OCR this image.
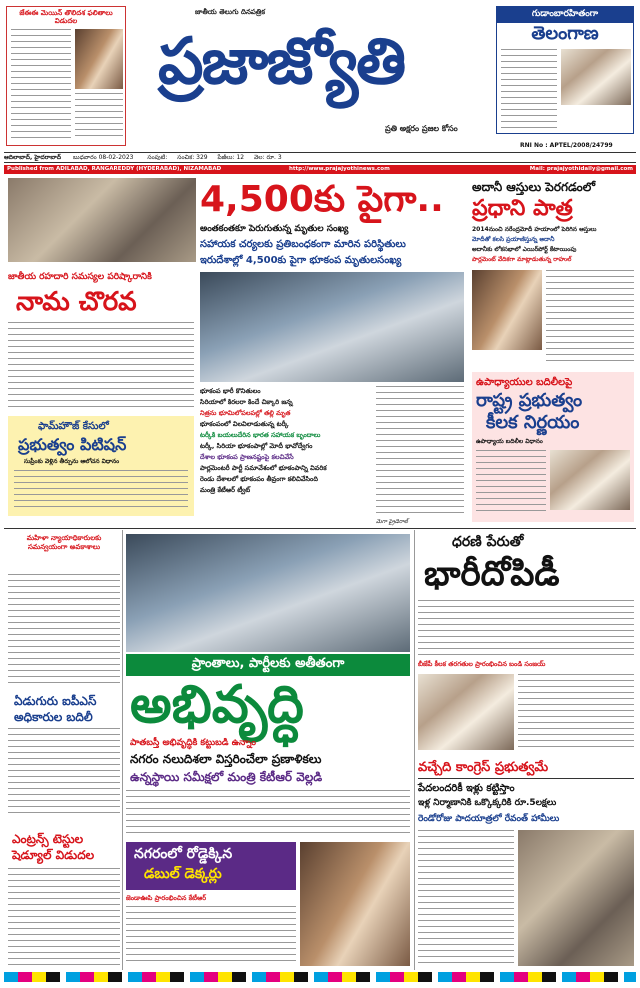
జేఈఈ మెయిన్ తొలిదశ ఫలితాలు విడుదల
జాతీయ తెలుగు దినపత్రిక
ప్రజాజ్యోతి
ప్రతి అక్షరం ప్రజల కోసం
గుడాంబారహితంగా
తెలంగాణ
RNI No : APTEL/2008/24799
ఆదిలాబాద్, హైదరాబాద్ బుధవారం 08-02-2023 సంపుటి: సంచిక: 329 పేజీలు: 12 వెల: రూ. 3
Published from ADILABAD, RANGAREDDY (HYDERABAD), NIZAMABAD	http://www.prajajyothinews.com	Mail: prajajyothidaily@gmail.com
4,500కు పైగా..
అంతకంతకూ పెరుగుతున్న మృతుల సంఖ్య
సహాయక చర్యలకు ప్రతిబంధకంగా మారిన పరిస్థితులు
ఇరుదేశాల్లో 4,500కు పైగా భూకంప మృతులసంఖ్య
భూకంప భారీ కొనితులం
సిరియాలో కిరలరా కిందే చిక్కారి జన్న
నిత్రను భూమిలోపలపల్లో తల్లి మృత
భూకంపంలో విలవిలాడుతున్న టర్కీ
టర్కీకి బయలుదేరిన భారత సహాయక బృందాలు
టర్కీ, సిరియా భూకంపాల్లో మోదీ భావోద్వేగం
దేశాల భూకంప ప్రాణనష్టంపై కలచివేసే
పార్లమెంటరీ పార్టీ సమావేశంలో భూకంపాన్ని వివరిక
రెండు దేశాలలో భూకంపం తీవ్రంగా కలిచివేసింది
మంత్రి కేటీఆర్ ట్వీట్
మెగా ప్రైడెరాల్
అదానీ ఆస్తులు పెరగడంలో
ప్రధాని పాత్ర
2014నుంచి నరేంద్రమోదీ హయాంలో పెరిగిన ఆస్తులు
మోదీతో కలసి ప్రయాణిస్తున్న అదానీ
అదానీకు లోకసభాలో ఎయిర్‌పోర్ట్ కేటాయింపు
పార్లమెంట్ వేదికగా మాట్లాడుతున్న రాహుల్
జాతీయ రహదారి సమస్యల పరిష్కారానికి
నామ చొరవ
ఫామ్‌హౌజ్ కేసులో
ప్రభుత్వం పిటిషన్
సుప్రీంకు వెళ్లిన తీర్పును ఆలోచన విధానం
ఉపాధ్యాయుల బదిలీలపై
రాష్ట్ర ప్రభుత్వం
కీలక నిర్ణయం
ఉపాధ్యాయ బదిలీల విధానం
మహిళా న్యాయాధికారులకు సమన్వయంగా అవకాశాలు
ఏడుగురు ఐపీఎస్
అధికారుల బదిలీ
ఎంట్రన్స్ టెస్టుల
షెడ్యూల్ విడుదల
ప్రాంతాలు, పార్టీలకు అతీతంగా
అభివృద్ధి
పాతబస్తీ అభివృద్ధికి కట్టుబడి ఉన్నాం
నగరం నలుదిశలా విస్తరించేలా ప్రణాళికలు
ఉన్నస్థాయి సమీక్షలో మంత్రి కేటీఆర్ వెల్లడి
నగరంలో రోడ్డెక్కిన
డబుల్ డెక్కర్లు
జెండాఊపి ప్రారంభించిన కేటీఆర్
ధరణి పేరుతో
భారీదోపిడీ
బీజేపీ కీలక తరగతుల ప్రారంభించిన బండి సంజయ్
వచ్చేది కాంగ్రెస్ ప్రభుత్వమే
పేదలందరికీ ఇళ్లు కట్టిస్తాం
ఇళ్ల నిర్మాణానికి ఒక్కొక్కరికి రూ.5లక్షలు
రెండోరోజు పాదయాత్రలో రేవంత్ హామీలు
